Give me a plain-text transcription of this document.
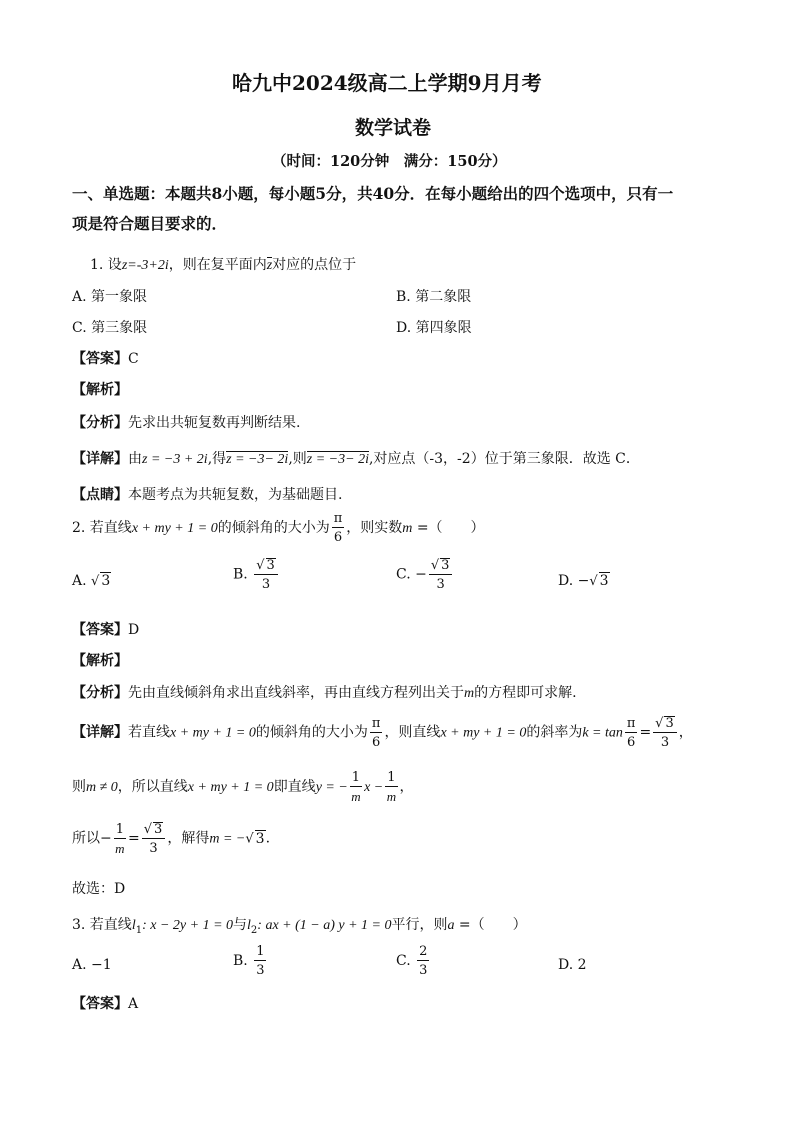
哈九中2024级高二上学期9月月考
数学试卷
（时间：120分钟　满分：150分）
一、单选题：本题共8小题，每小题5分，共40分．在每小题给出的四个选项中，只有一
项是符合题目要求的．
1. 设z=-3+2i，则在复平面内z对应的点位于
A. 第一象限	B. 第二象限
C. 第三象限	D. 第四象限
【答案】C
【解析】
【分析】先求出共轭复数再判断结果.
【详解】由z = −3 + 2i,得z = −3− 2i,则z = −3− 2i,对应点（-3，-2）位于第三象限．故选 C．
【点睛】本题考点为共轭复数，为基础题目.
2. 若直线x + my + 1 = 0的倾斜角的大小为 $\frac{\pi}{6}$ ，则实数m =（　　）
A. √ 3	B. $\frac{√ 3}{3}$	C. − $\frac{√ 3}{3}$	D. −√ 3
【答案】D
【解析】
【分析】先由直线倾斜角求出直线斜率，再由直线方程列出关于m的方程即可求解.
【详解】若直线x + my + 1 = 0的倾斜角的大小为 $\frac{\pi}{6}$ ，则直线x + my + 1 = 0的斜率为$k = \tan \frac{\pi}{6} = \frac{√ 3}{3}$ ，
则m ≠ 0，所以直线x + my + 1 = 0即直线y = − $\frac{1}{m}$ $x - \frac{1}{m}$ ，
所以− $\frac{1}{m} = \frac{√ 3}{3}$ ，解得m = −√ 3.
故选：D
3. 若直线$l_1$: x − 2y + 1 = 0与$l_2$: ax + (1 − a) y + 1 = 0平行，则a =（　　）
A. −1	B. $\frac{1}{3}$	C. $\frac{2}{3}$	D. 2
【答案】A
